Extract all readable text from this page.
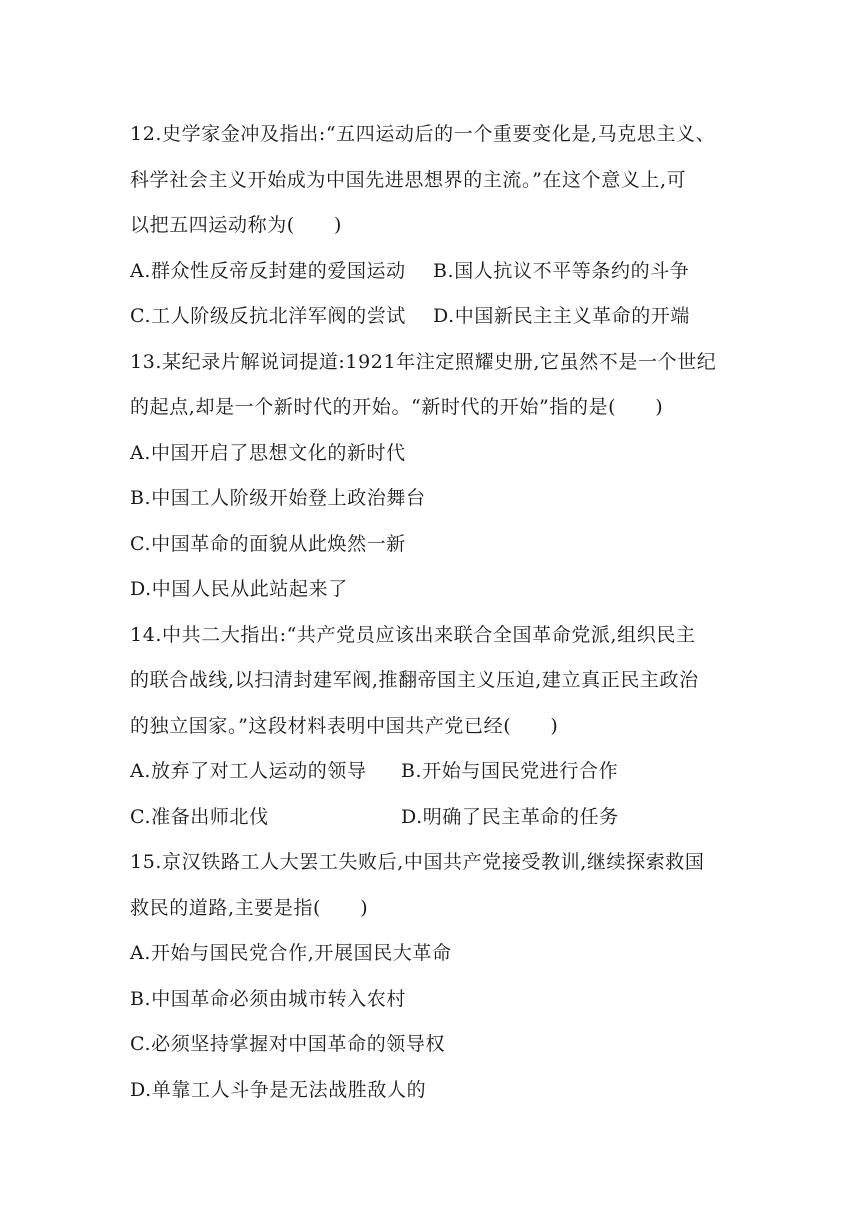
12.史学家金冲及指出:“五四运动后的一个重要变化是,马克思主义、
科学社会主义开始成为中国先进思想界的主流。”在这个意义上,可
以把五四运动称为(　　)
A.群众性反帝反封建的爱国运动	B.国人抗议不平等条约的斗争
C.工人阶级反抗北洋军阀的尝试	D.中国新民主主义革命的开端
13.某纪录片解说词提道:1921年注定照耀史册,它虽然不是一个世纪
的起点,却是一个新时代的开始。“新时代的开始”指的是(　　)
A.中国开启了思想文化的新时代
B.中国工人阶级开始登上政治舞台
C.中国革命的面貌从此焕然一新
D.中国人民从此站起来了
14.中共二大指出:“共产党员应该出来联合全国革命党派,组织民主
的联合战线,以扫清封建军阀,推翻帝国主义压迫,建立真正民主政治
的独立国家。”这段材料表明中国共产党已经(　　)
A.放弃了对工人运动的领导	B.开始与国民党进行合作
C.准备出师北伐	D.明确了民主革命的任务
15.京汉铁路工人大罢工失败后,中国共产党接受教训,继续探索救国
救民的道路,主要是指(　　)
A.开始与国民党合作,开展国民大革命
B.中国革命必须由城市转入农村
C.必须坚持掌握对中国革命的领导权
D.单靠工人斗争是无法战胜敌人的
